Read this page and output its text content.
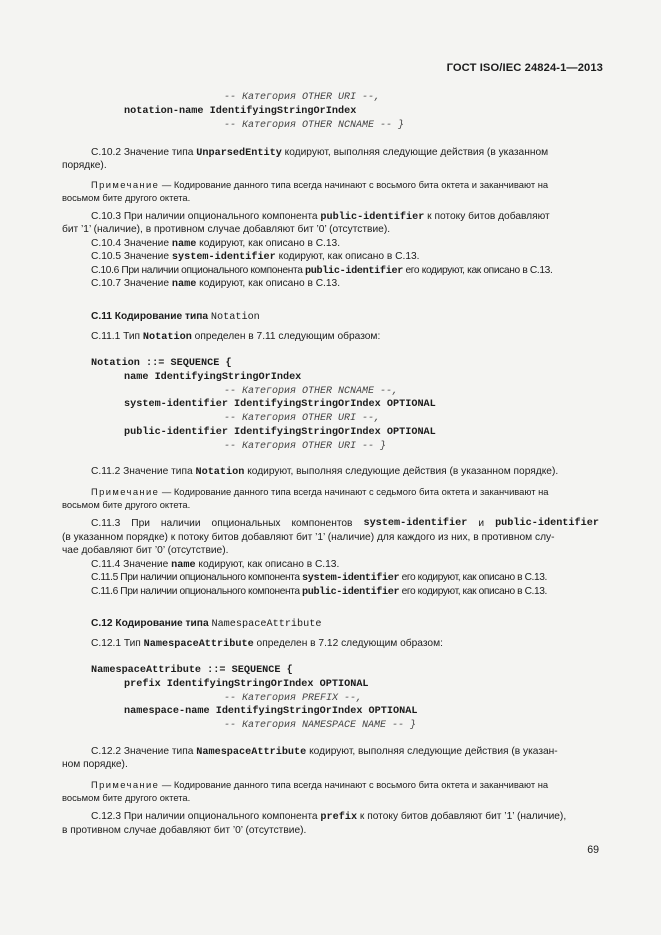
ГОСТ ISO/IEC 24824-1—2013
-- Категория OTHER URI --,
notation-name IdentifyingStringOrIndex
-- Категория OTHER NCNAME -- }
C.10.2 Значение типа UnparsedEntity кодируют, выполняя следующие действия (в указанном
порядке).
Примечание — Кодирование данного типа всегда начинают с восьмого бита октета и заканчивают на
восьмом бите другого октета.
C.10.3 При наличии опционального компонента public-identifier к потоку битов добавляют
бит ’1’ (наличие), в противном случае добавляют бит ’0’ (отсутствие).
C.10.4 Значение name кодируют, как описано в C.13.
C.10.5 Значение system-identifier кодируют, как описано в C.13.
C.10.6 При наличии опционального компонента public-identifier его кодируют, как описано в C.13.
C.10.7 Значение name кодируют, как описано в C.13.
C.11 Кодирование типа Notation
C.11.1 Тип Notation определен в 7.11 следующим образом:
Notation ::= SEQUENCE {
name IdentifyingStringOrIndex
-- Категория OTHER NCNAME --,
system-identifier IdentifyingStringOrIndex OPTIONAL
-- Категория OTHER URI --,
public-identifier IdentifyingStringOrIndex OPTIONAL
-- Категория OTHER URI -- }
C.11.2 Значение типа Notation кодируют, выполняя следующие действия (в указанном порядке).
Примечание — Кодирование данного типа всегда начинают с седьмого бита октета и заканчивают на
восьмом бите другого октета.
C.11.3 При наличии опциональных компонентов system-identifier и public-identifier
(в указанном порядке) к потоку битов добавляют бит ’1’ (наличие) для каждого из них, в противном слу-
чае добавляют бит ’0’ (отсутствие).
C.11.4 Значение name кодируют, как описано в C.13.
C.11.5 При наличии опционального компонента system-identifier его кодируют, как описано в C.13.
C.11.6 При наличии опционального компонента public-identifier его кодируют, как описано в C.13.
C.12 Кодирование типа NamespaceAttribute
C.12.1 Тип NamespaceAttribute определен в 7.12 следующим образом:
NamespaceAttribute ::= SEQUENCE {
prefix IdentifyingStringOrIndex OPTIONAL
-- Категория PREFIX --,
namespace-name IdentifyingStringOrIndex OPTIONAL
-- Категория NAMESPACE NAME -- }
C.12.2 Значение типа NamespaceAttribute кодируют, выполняя следующие действия (в указан-
ном порядке).
Примечание — Кодирование данного типа всегда начинают с восьмого бита октета и заканчивают на
восьмом бите другого октета.
C.12.3 При наличии опционального компонента prefix к потоку битов добавляют бит ’1’ (наличие),
в противном случае добавляют бит ’0’ (отсутствие).
69
